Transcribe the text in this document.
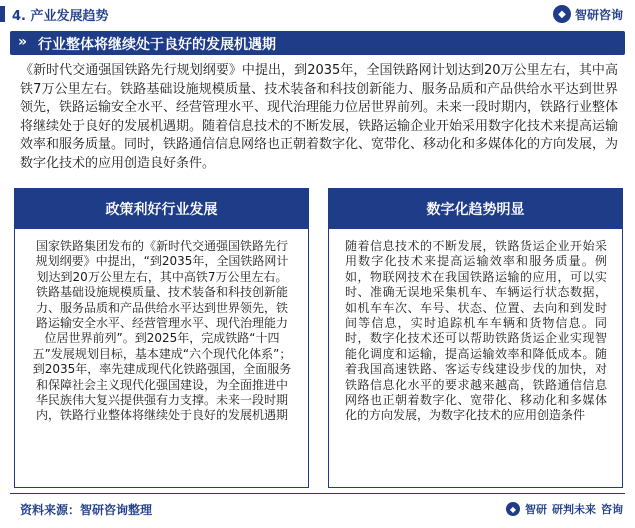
4. 产业发展趋势	◆ 智研咨询
» 行业整体将继续处于良好的发展机遇期
《新时代交通强国铁路先行规划纲要》中提出，到2035年，全国铁路网计划达到20万公里左右，其中高铁7万公里左右。铁路基础设施规模质量、技术装备和科技创新能力、服务品质和产品供给水平达到世界领先，铁路运输安全水平、经营管理水平、现代治理能力位居世界前列。未来一段时期内，铁路行业整体将继续处于良好的发展机遇期。随着信息技术的不断发展，铁路运输企业开始采用数字化技术来提高运输效率和服务质量。同时，铁路通信信息网络也正朝着数字化、宽带化、移动化和多媒体化的方向发展，为数字化技术的应用创造良好条件。
政策利好行业发展
国家铁路集团发布的《新时代交通强国铁路先行规划纲要》中提出，“到2035年，全国铁路网计划达到20万公里左右，其中高铁7万公里左右。铁路基础设施规模质量、技术装备和科技创新能力、服务品质和产品供给水平达到世界领先，铁路运输安全水平、经营管理水平、现代治理能力位居世界前列”。到2025年，完成铁路“十四五”发展规划目标，基本建成“六个现代化体系”；到2035年，率先建成现代化铁路强国，全面服务和保障社会主义现代化强国建设，为全面推进中华民族伟大复兴提供强有力支撑。未来一段时期内，铁路行业整体将继续处于良好的发展机遇期
数字化趋势明显
随着信息技术的不断发展，铁路货运企业开始采用数字化技术来提高运输效率和服务质量。例如，物联网技术在我国铁路运输的应用，可以实时、准确无误地采集机车、车辆运行状态数据，如机车车次、车号、状态、位置、去向和到发时间等信息，实时追踪机车车辆和货物信息。同时，数字化技术还可以帮助铁路货运企业实现智能化调度和运输，提高运输效率和降低成本。随着我国高速铁路、客运专线建设步伐的加快，对铁路信息化水平的要求越来越高，铁路通信信息网络也正朝着数字化、宽带化、移动化和多媒体化的方向发展，为数字化技术的应用创造条件
资料来源：智研咨询整理	◆ 智研 研判未来 咨询
